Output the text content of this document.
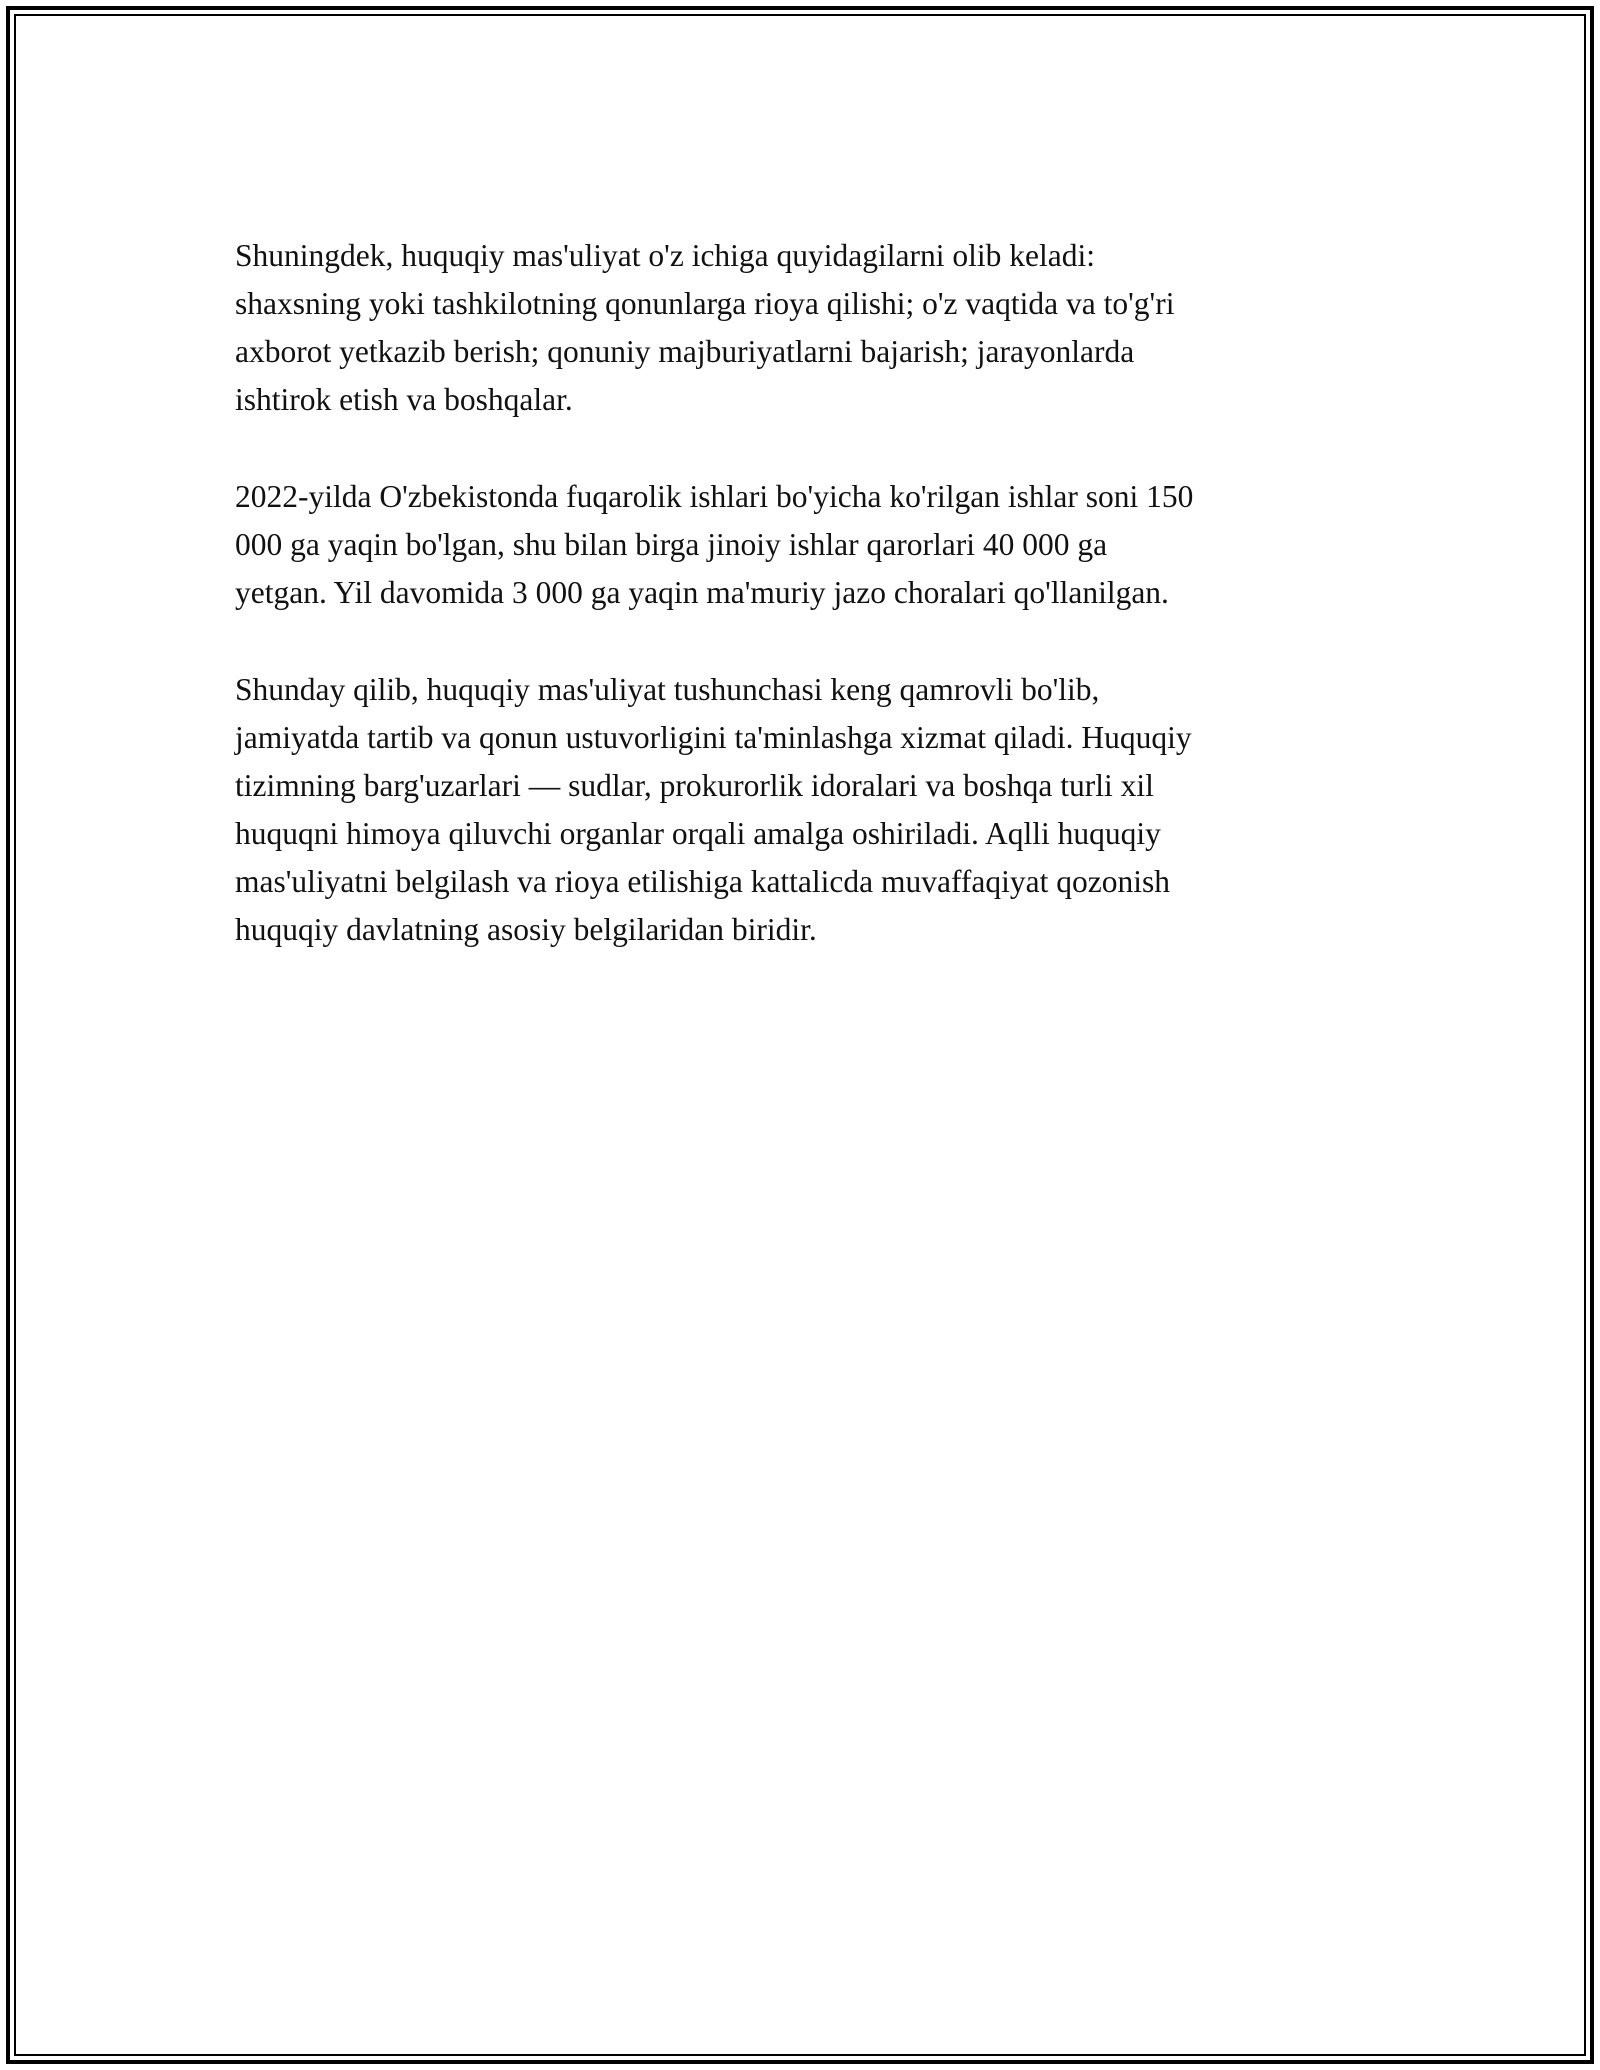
Shuningdek, huquqiy mas'uliyat o'z ichiga quyidagilarni olib keladi:
shaxsning yoki tashkilotning qonunlarga rioya qilishi; o'z vaqtida va to'g'ri
axborot yetkazib berish; qonuniy majburiyatlarni bajarish; jarayonlarda
ishtirok etish va boshqalar.

2022-yilda O'zbekistonda fuqarolik ishlari bo'yicha ko'rilgan ishlar soni 150
000 ga yaqin bo'lgan, shu bilan birga jinoiy ishlar qarorlari 40 000 ga
yetgan. Yil davomida 3 000 ga yaqin ma'muriy jazo choralari qo'llanilgan.

Shunday qilib, huquqiy mas'uliyat tushunchasi keng qamrovli bo'lib,
jamiyatda tartib va qonun ustuvorligini ta'minlashga xizmat qiladi. Huquqiy
tizimning barg'uzarlari — sudlar, prokurorlik idoralari va boshqa turli xil
huquqni himoya qiluvchi organlar orqali amalga oshiriladi. Aqlli huquqiy
mas'uliyatni belgilash va rioya etilishiga kattalicda muvaffaqiyat qozonish
huquqiy davlatning asosiy belgilaridan biridir.
